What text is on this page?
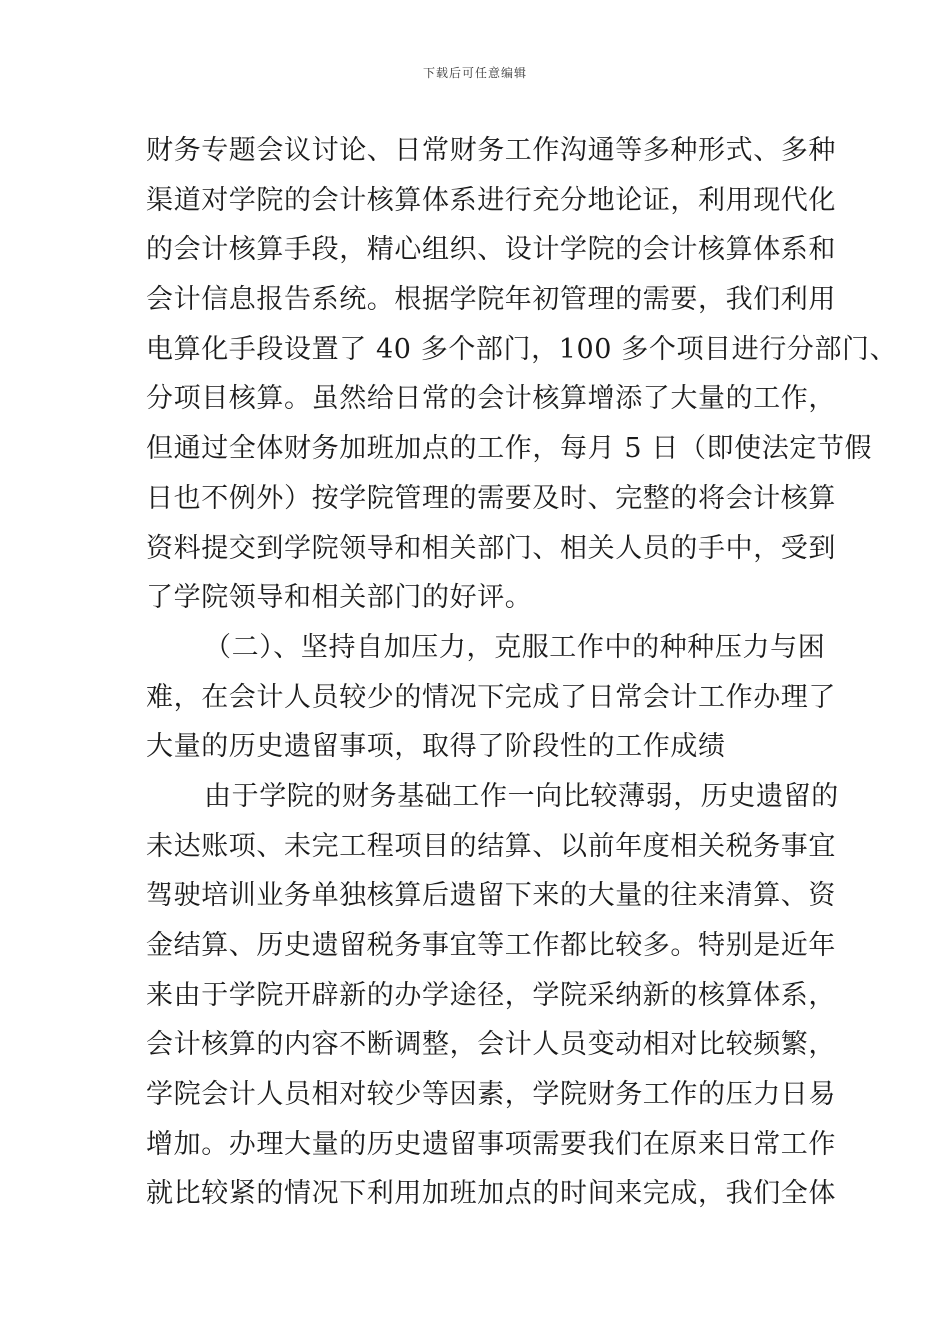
下载后可任意编辑
财务专题会议讨论、日常财务工作沟通等多种形式、多种
渠道对学院的会计核算体系进行充分地论证，利用现代化
的会计核算手段，精心组织、设计学院的会计核算体系和
会计信息报告系统。根据学院年初管理的需要，我们利用
电算化手段设置了 40 多个部门，100 多个项目进行分部门、
分项目核算。虽然给日常的会计核算增添了大量的工作，
但通过全体财务加班加点的工作，每月 5 日（即使法定节假
日也不例外）按学院管理的需要及时、完整的将会计核算
资料提交到学院领导和相关部门、相关人员的手中，受到
了学院领导和相关部门的好评。
（二）、坚持自加压力，克服工作中的种种压力与困
难，在会计人员较少的情况下完成了日常会计工作办理了
大量的历史遗留事项，取得了阶段性的工作成绩
由于学院的财务基础工作一向比较薄弱，历史遗留的
未达账项、未完工程项目的结算、以前年度相关税务事宜
驾驶培训业务单独核算后遗留下来的大量的往来清算、资
金结算、历史遗留税务事宜等工作都比较多。特别是近年
来由于学院开辟新的办学途径，学院采纳新的核算体系，
会计核算的内容不断调整，会计人员变动相对比较频繁，
学院会计人员相对较少等因素，学院财务工作的压力日易
增加。办理大量的历史遗留事项需要我们在原来日常工作
就比较紧的情况下利用加班加点的时间来完成，我们全体
